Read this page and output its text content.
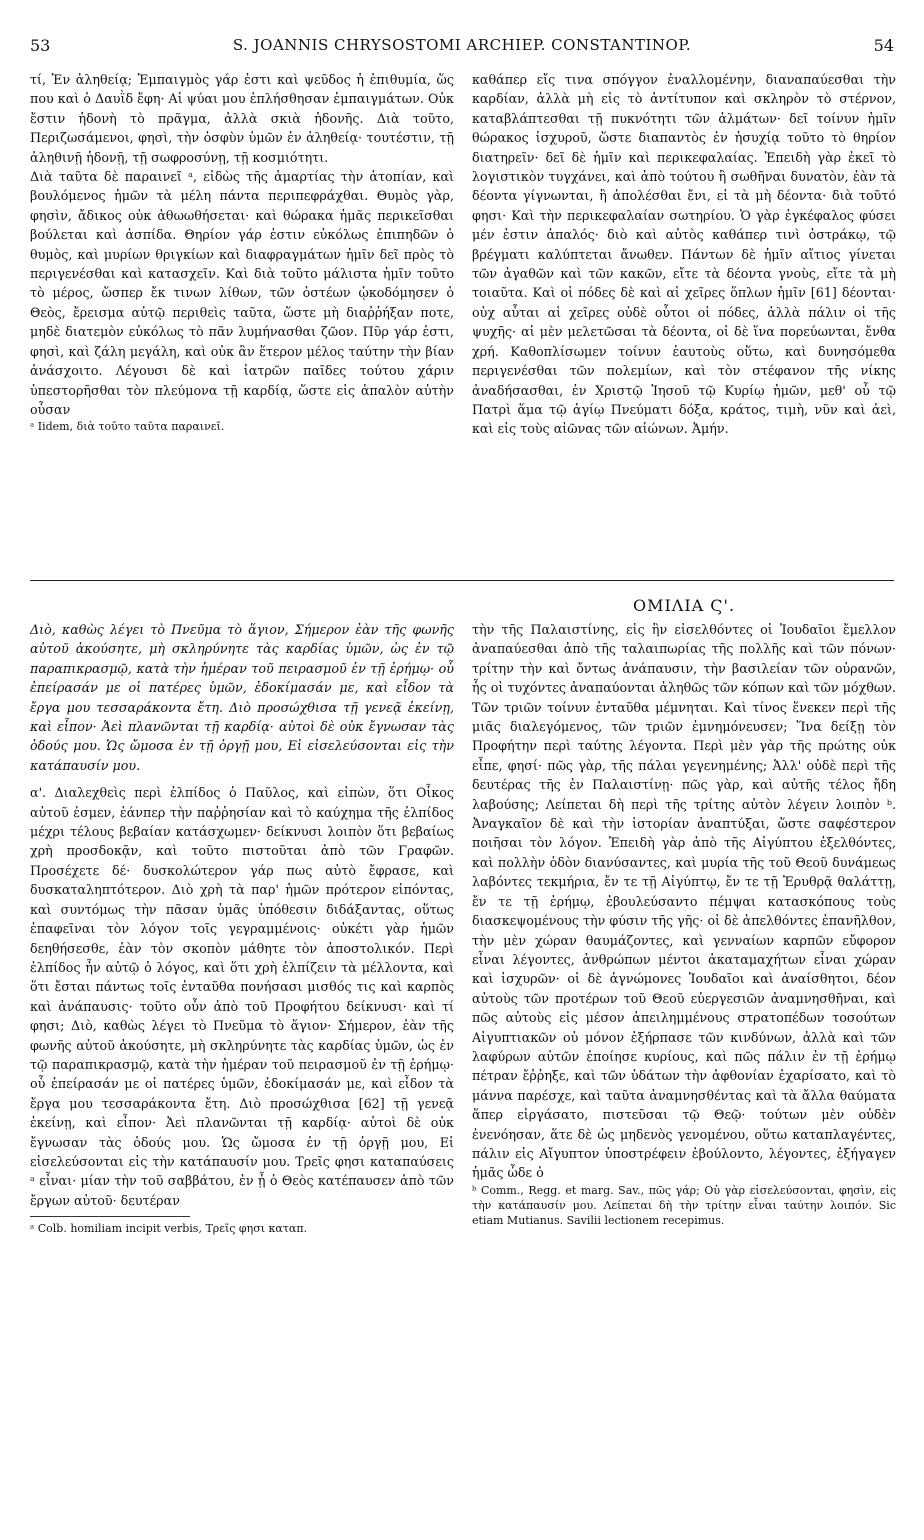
53	S. JOANNIS CHRYSOSTOMI ARCHIEP. CONSTANTINOP.	54

τί, Ἐν ἀληθείᾳ; Ἐμπαιγμὸς γάρ ἐστι καὶ ψεῦδος ἡ ἐπιθυμία, ὥς που καὶ ὁ Δαυῒδ ἔφη· Αἱ ψύαι μου ἐπλήσθησαν ἐμπαιγμάτων. Οὐκ ἔστιν ἡδονὴ τὸ πρᾶγμα, ἀλλὰ σκιὰ ἡδονῆς. Διὰ τοῦτο, Περιζωσάμενοι, φησὶ, τὴν ὀσφὺν ὑμῶν ἐν ἀληθείᾳ· τουτέστιν, τῇ ἀληθινῇ ἡδονῇ, τῇ σωφροσύνῃ, τῇ κοσμιότητι.

Διὰ ταῦτα δὲ παραινεῖ ᵃ, εἰδὼς τῆς ἁμαρτίας τὴν ἀτοπίαν, καὶ βουλόμενος ἡμῶν τὰ μέλη πάντα περιπεφράχθαι. Θυμὸς γὰρ, φησὶν, ἄδικος οὐκ ἀθωωθήσεται· καὶ θώρακα ἡμᾶς περικεῖσθαι βούλεται καὶ ἀσπίδα. Θηρίον γάρ ἐστιν εὐκόλως ἐπιπηδῶν ὁ θυμὸς, καὶ μυρίων θριγκίων καὶ διαφραγμάτων ἡμῖν δεῖ πρὸς τὸ περιγενέσθαι καὶ κατασχεῖν. Καὶ διὰ τοῦτο μάλιστα ἡμῖν τοῦτο τὸ μέρος, ὥσπερ ἔκ τινων λίθων, τῶν ὀστέων ᾠκοδόμησεν ὁ Θεὸς, ἔρεισμα αὐτῷ περιθεὶς ταῦτα, ὥστε μὴ διαῤῥήξαν ποτε, μηδὲ διατεμὸν εὐκόλως τὸ πᾶν λυμήνασθαι ζῶον. Πῦρ γάρ ἐστι, φησὶ, καὶ ζάλη μεγάλη, καὶ οὐκ ἂν ἕτερον μέλος ταύτην τὴν βίαν ἀνάσχοιτο. Λέγουσι δὲ καὶ ἰατρῶν παῖδες τούτου χάριν ὑπεστορῆσθαι τὸν πλεύμονα τῇ καρδίᾳ, ὥστε εἰς ἁπαλὸν αὐτὴν οὖσαν

ᵃ Iidem, διὰ τοῦτο ταῦτα παραινεῖ.

καθάπερ εἴς τινα σπόγγον ἐναλλομένην, διαναπαύεσθαι τὴν καρδίαν, ἀλλὰ μὴ εἰς τὸ ἀντίτυπον καὶ σκληρὸν τὸ στέρνον, καταβλάπτεσθαι τῇ πυκνότητι τῶν ἁλμάτων· δεῖ τοίνυν ἡμῖν θώρακος ἰσχυροῦ, ὥστε διαπαντὸς ἐν ἡσυχίᾳ τοῦτο τὸ θηρίον διατηρεῖν· δεῖ δὲ ἡμῖν καὶ περικεφαλαίας. Ἐπειδὴ γὰρ ἐκεῖ τὸ λογιστικὸν τυγχάνει, καὶ ἀπὸ τούτου ἢ σωθῆναι δυνατὸν, ἐὰν τὰ δέοντα γίγνωνται, ἢ ἀπολέσθαι ἔνι, εἰ τὰ μὴ δέοντα· διὰ τοῦτό φησι· Καὶ τὴν περικεφαλαίαν σωτηρίου. Ὁ γὰρ ἐγκέφαλος φύσει μέν ἐστιν ἁπαλός· διὸ καὶ αὐτὸς καθάπερ τινὶ ὀστράκῳ, τῷ βρέγματι καλύπτεται ἄνωθεν. Πάντων δὲ ἡμῖν αἴτιος γίνεται τῶν ἀγαθῶν καὶ τῶν κακῶν, εἴτε τὰ δέοντα γνοὺς, εἴτε τὰ μὴ τοιαῦτα. Καὶ οἱ πόδες δὲ καὶ αἱ χεῖρες ὅπλων ἡμῖν [61] δέονται· οὐχ αὗται αἱ χεῖρες οὐδὲ οὗτοι οἱ πόδες, ἀλλὰ πάλιν οἱ τῆς ψυχῆς· αἱ μὲν μελετῶσαι τὰ δέοντα, οἱ δὲ ἵνα πορεύωνται, ἔνθα χρή. Καθοπλίσωμεν τοίνυν ἑαυτοὺς οὕτω, καὶ δυνησόμεθα περιγενέσθαι τῶν πολεμίων, καὶ τὸν στέφανον τῆς νίκης ἀναδήσασθαι, ἐν Χριστῷ Ἰησοῦ τῷ Κυρίῳ ἡμῶν, μεθ' οὗ τῷ Πατρὶ ἅμα τῷ ἁγίῳ Πνεύματι δόξα, κράτος, τιμὴ, νῦν καὶ ἀεὶ, καὶ εἰς τοὺς αἰῶνας τῶν αἰώνων. Ἀμήν.

ΟΜΙΛΙΑ Ϛ'.

Διὸ, καθὼς λέγει τὸ Πνεῦμα τὸ ἅγιον, Σήμερον ἐὰν τῆς φωνῆς αὐτοῦ ἀκούσητε, μὴ σκληρύνητε τὰς καρδίας ὑμῶν, ὡς ἐν τῷ παραπικρασμῷ, κατὰ τὴν ἡμέραν τοῦ πειρασμοῦ ἐν τῇ ἐρήμῳ· οὗ ἐπείρασάν με οἱ πατέρες ὑμῶν, ἐδοκίμασάν με, καὶ εἶδον τὰ ἔργα μου τεσσαράκοντα ἔτη. Διὸ προσώχθισα τῇ γενεᾷ ἐκείνῃ, καὶ εἶπον· Ἀεὶ πλανῶνται τῇ καρδίᾳ· αὐτοὶ δὲ οὐκ ἔγνωσαν τὰς ὁδούς μου. Ὡς ὤμοσα ἐν τῇ ὀργῇ μου, Εἰ εἰσελεύσονται εἰς τὴν κατάπαυσίν μου.

α'. Διαλεχθεὶς περὶ ἐλπίδος ὁ Παῦλος, καὶ εἰπὼν, ὅτι Οἶκος αὐτοῦ ἐσμεν, ἐάνπερ τὴν παῤῥησίαν καὶ τὸ καύχημα τῆς ἐλπίδος μέχρι τέλους βεβαίαν κατάσχωμεν· δείκνυσι λοιπὸν ὅτι βεβαίως χρὴ προσδοκᾷν, καὶ τοῦτο πιστοῦται ἀπὸ τῶν Γραφῶν. Προσέχετε δέ· δυσκολώτερον γάρ πως αὐτὸ ἔφρασε, καὶ δυσκαταληπτότερον. Διὸ χρὴ τὰ παρ' ἡμῶν πρότερον εἰπόντας, καὶ συντόμως τὴν πᾶσαν ὑμᾶς ὑπόθεσιν διδάξαντας, οὕτως ἐπαφεῖναι τὸν λόγον τοῖς γεγραμμένοις· οὐκέτι γὰρ ἡμῶν δεηθήσεσθε, ἐὰν τὸν σκοπὸν μάθητε τὸν ἀποστολικόν. Περὶ ἐλπίδος ἦν αὐτῷ ὁ λόγος, καὶ ὅτι χρὴ ἐλπίζειν τὰ μέλλοντα, καὶ ὅτι ἔσται πάντως τοῖς ἐνταῦθα πονήσασι μισθός τις καὶ καρπὸς καὶ ἀνάπαυσις· τοῦτο οὖν ἀπὸ τοῦ Προφήτου δείκνυσι· καὶ τί φησι; Διὸ, καθὼς λέγει τὸ Πνεῦμα τὸ ἅγιον· Σήμερον, ἐὰν τῆς φωνῆς αὐτοῦ ἀκούσητε, μὴ σκληρύνητε τὰς καρδίας ὑμῶν, ὡς ἐν τῷ παραπικρασμῷ, κατὰ τὴν ἡμέραν τοῦ πειρασμοῦ ἐν τῇ ἐρήμῳ· οὗ ἐπείρασάν με οἱ πατέρες ὑμῶν, ἐδοκίμασάν με, καὶ εἶδον τὰ ἔργα μου τεσσαράκοντα ἔτη. Διὸ προσώχθισα [62] τῇ γενεᾷ ἐκείνῃ, καὶ εἶπον· Ἀεὶ πλανῶνται τῇ καρδίᾳ· αὐτοὶ δὲ οὐκ ἔγνωσαν τὰς ὁδούς μου. Ὡς ὤμοσα ἐν τῇ ὀργῇ μου, Εἰ εἰσελεύσονται εἰς τὴν κατάπαυσίν μου. Τρεῖς φησι καταπαύσεις ᵃ εἶναι· μίαν τὴν τοῦ σαββάτου, ἐν ᾗ ὁ Θεὸς κατέπαυσεν ἀπὸ τῶν ἔργων αὐτοῦ· δευτέραν

ᵃ Colb. homiliam incipit verbis, Τρεῖς φησι καταπ.

τὴν τῆς Παλαιστίνης, εἰς ἣν εἰσελθόντες οἱ Ἰουδαῖοι ἔμελλον ἀναπαύεσθαι ἀπὸ τῆς ταλαιπωρίας τῆς πολλῆς καὶ τῶν πόνων· τρίτην τὴν καὶ ὄντως ἀνάπαυσιν, τὴν βασιλείαν τῶν οὐρανῶν, ἧς οἱ τυχόντες ἀναπαύονται ἀληθῶς τῶν κόπων καὶ τῶν μόχθων. Τῶν τριῶν τοίνυν ἐνταῦθα μέμνηται. Καὶ τίνος ἕνεκεν περὶ τῆς μιᾶς διαλεγόμενος, τῶν τριῶν ἐμνημόνευσεν; Ἵνα δείξῃ τὸν Προφήτην περὶ ταύτης λέγοντα. Περὶ μὲν γὰρ τῆς πρώτης οὐκ εἶπε, φησί· πῶς γὰρ, τῆς πάλαι γεγενημένης; Ἀλλ' οὐδὲ περὶ τῆς δευτέρας τῆς ἐν Παλαιστίνῃ· πῶς γὰρ, καὶ αὐτῆς τέλος ἤδη λαβούσης; Λείπεται δὴ περὶ τῆς τρίτης αὐτὸν λέγειν λοιπὸν ᵇ. Ἀναγκαῖον δὲ καὶ τὴν ἱστορίαν ἀναπτύξαι, ὥστε σαφέστερον ποιῆσαι τὸν λόγον. Ἐπειδὴ γὰρ ἀπὸ τῆς Αἰγύπτου ἐξελθόντες, καὶ πολλὴν ὁδὸν διανύσαντες, καὶ μυρία τῆς τοῦ Θεοῦ δυνάμεως λαβόντες τεκμήρια, ἔν τε τῇ Αἰγύπτῳ, ἔν τε τῇ Ἐρυθρᾷ θαλάττῃ, ἔν τε τῇ ἐρήμῳ, ἐβουλεύσαντο πέμψαι κατασκόπους τοὺς διασκεψομένους τὴν φύσιν τῆς γῆς· οἱ δὲ ἀπελθόντες ἐπανῆλθον, τὴν μὲν χώραν θαυμάζοντες, καὶ γενναίων καρπῶν εὔφορον εἶναι λέγοντες, ἀνθρώπων μέντοι ἀκαταμαχήτων εἶναι χώραν καὶ ἰσχυρῶν· οἱ δὲ ἀγνώμονες Ἰουδαῖοι καὶ ἀναίσθητοι, δέον αὐτοὺς τῶν προτέρων τοῦ Θεοῦ εὐεργεσιῶν ἀναμνησθῆναι, καὶ πῶς αὐτοὺς εἰς μέσον ἀπειλημμένους στρατοπέδων τοσούτων Αἰγυπτιακῶν οὐ μόνον ἐξήρπασε τῶν κινδύνων, ἀλλὰ καὶ τῶν λαφύρων αὐτῶν ἐποίησε κυρίους, καὶ πῶς πάλιν ἐν τῇ ἐρήμῳ πέτραν ἔῤῥηξε, καὶ τῶν ὑδάτων τὴν ἀφθονίαν ἐχαρίσατο, καὶ τὸ μάννα παρέσχε, καὶ ταῦτα ἀναμνησθέντας καὶ τὰ ἄλλα θαύματα ἅπερ εἰργάσατο, πιστεῦσαι τῷ Θεῷ· τούτων μὲν οὐδὲν ἐνενόησαν, ἅτε δὲ ὡς μηδενὸς γενομένου, οὕτω καταπλαγέντες, πάλιν εἰς Αἴγυπτον ὑποστρέφειν ἐβούλοντο, λέγοντες, ἐξήγαγεν ἡμᾶς ὧδε ὁ

ᵇ Comm., Regg. et marg. Sav., πῶς γάρ; Οὐ γὰρ εἰσελεύσονται, φησὶν, εἰς τὴν κατάπαυσίν μου. Λείπεται δὴ τὴν τρίτην εἶναι ταύτην λοιπόν. Sic etiam Mutianus. Savilii lectionem recepimus.
